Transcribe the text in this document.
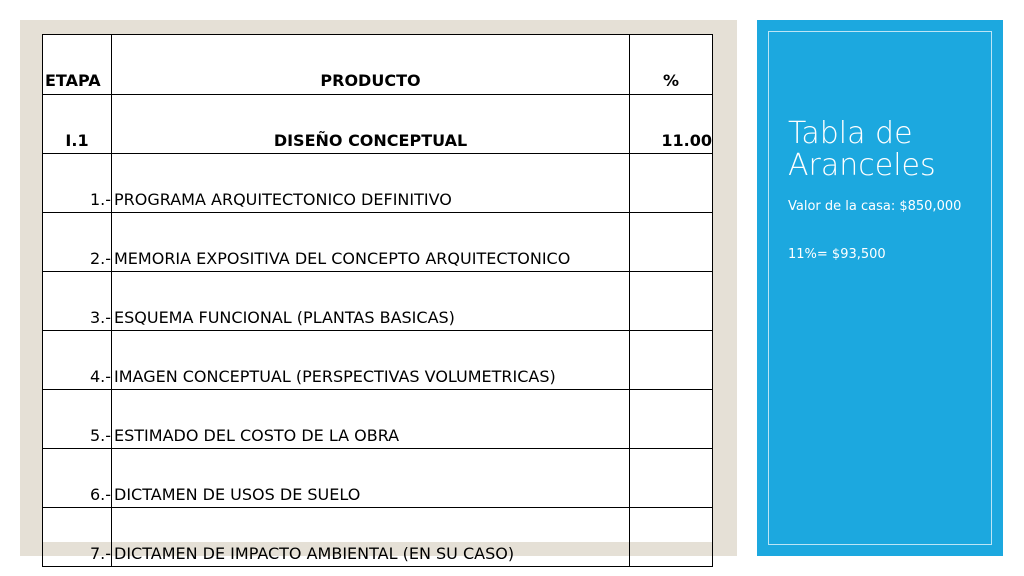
ETAPA	PRODUCTO	%
I.1	DISEÑO CONCEPTUAL	11.00
1.-	PROGRAMA ARQUITECTONICO DEFINITIVO	
2.-	MEMORIA EXPOSITIVA DEL CONCEPTO ARQUITECTONICO	
3.-	ESQUEMA FUNCIONAL (PLANTAS BASICAS)	
4.-	IMAGEN CONCEPTUAL (PERSPECTIVAS VOLUMETRICAS)	
5.-	ESTIMADO DEL COSTO DE LA OBRA	
6.-	DICTAMEN DE USOS DE SUELO	
7.-	DICTAMEN DE IMPACTO AMBIENTAL (EN SU CASO)	
Tabla de Aranceles
Valor de la casa: $850,000
11%= $93,500
